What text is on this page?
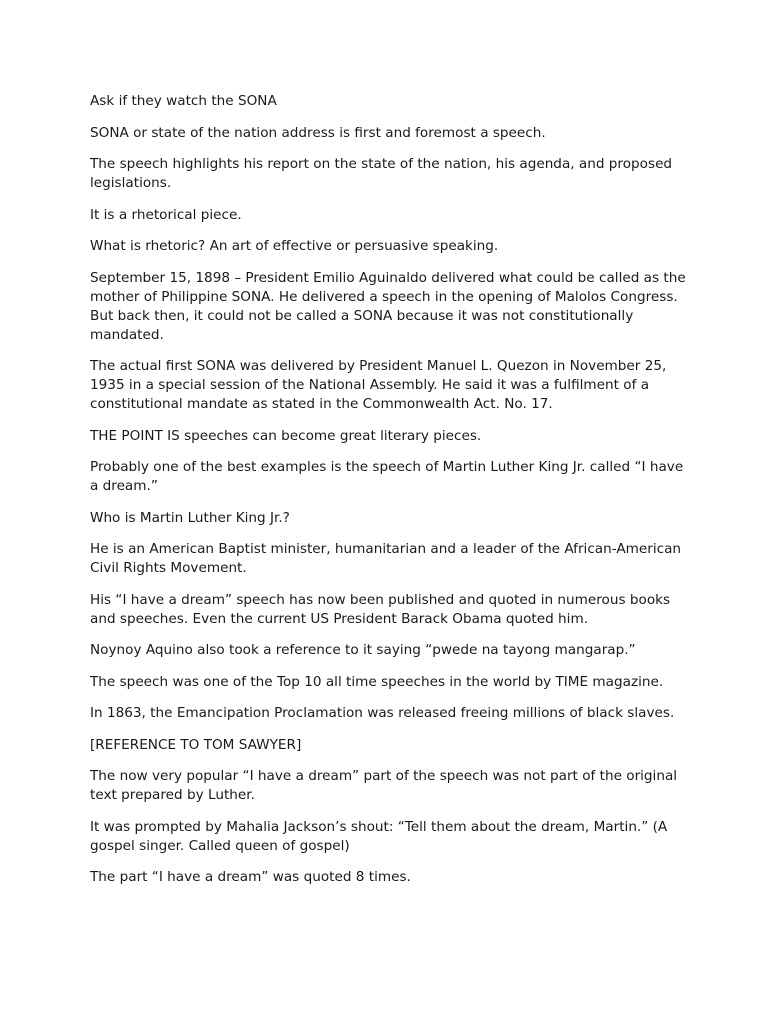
Ask if they watch the SONA

SONA or state of the nation address is first and foremost a speech.

The speech highlights his report on the state of the nation, his agenda, and proposed legislations.

It is a rhetorical piece.

What is rhetoric? An art of effective or persuasive speaking.

September 15, 1898 – President Emilio Aguinaldo delivered what could be called as the mother of Philippine SONA. He delivered a speech in the opening of Malolos Congress. But back then, it could not be called a SONA because it was not constitutionally mandated.

The actual first SONA was delivered by President Manuel L. Quezon in November 25, 1935 in a special session of the National Assembly. He said it was a fulfilment of a constitutional mandate as stated in the Commonwealth Act. No. 17.

THE POINT IS speeches can become great literary pieces.

Probably one of the best examples is the speech of Martin Luther King Jr. called “I have a dream.”

Who is Martin Luther King Jr.?

He is an American Baptist minister, humanitarian and a leader of the African-American Civil Rights Movement.

His “I have a dream” speech has now been published and quoted in numerous books and speeches. Even the current US President Barack Obama quoted him.

Noynoy Aquino also took a reference to it saying “pwede na tayong mangarap.”

The speech was one of the Top 10 all time speeches in the world by TIME magazine.

In 1863, the Emancipation Proclamation was released freeing millions of black slaves.

[REFERENCE TO TOM SAWYER]

The now very popular “I have a dream” part of the speech was not part of the original text prepared by Luther.

It was prompted by Mahalia Jackson’s shout: “Tell them about the dream, Martin.” (A gospel singer. Called queen of gospel)

The part “I have a dream” was quoted 8 times.
